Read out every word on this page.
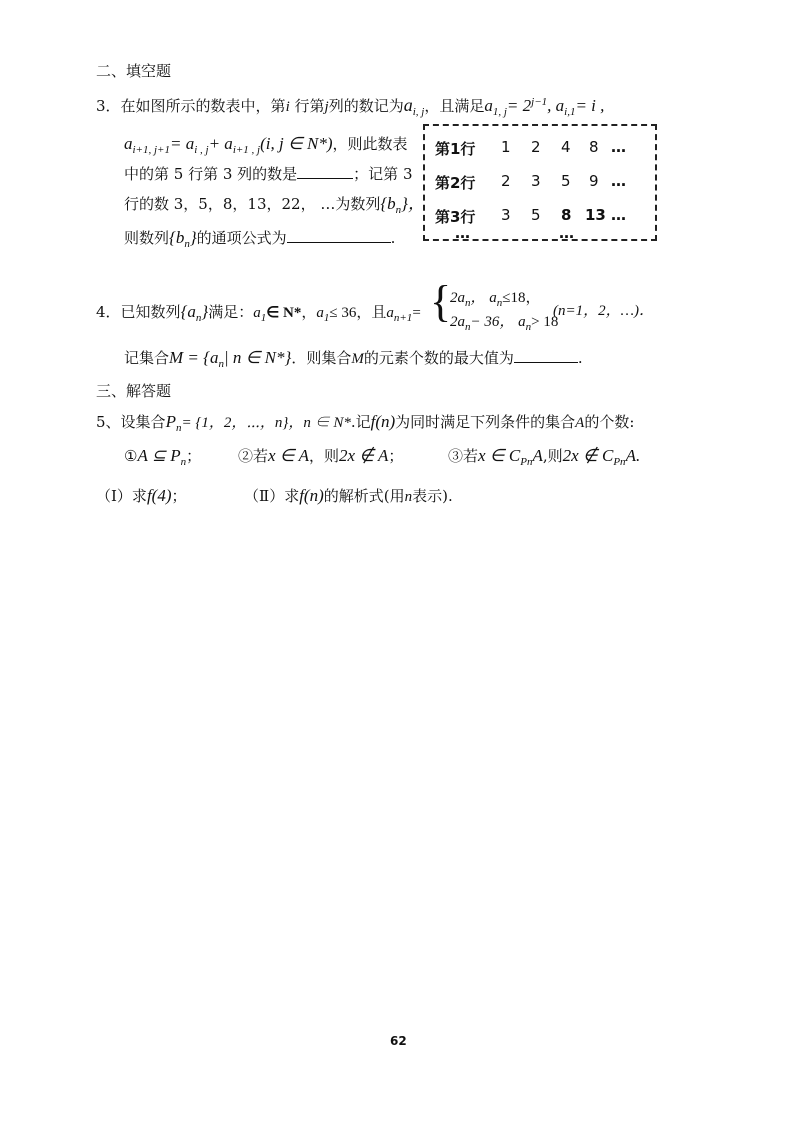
二、填空题
3．在如图所示的数表中，第i 行第j列的数记为$a_{i, j}$，且满足$a_{1, j}= 2^{j-1}$, $a_{i,1}= i$ ,
$a_{i+1, j+1}= a_{i , j}+ a_{i+1 , j}(i$, j ∈ N*)，则此数表
中的第 5 行第 3 列的数是	；记第 3
行的数 3，5，8，13，22， …为数列$\{b_n\}$，
则数列$\{b_n\}$的通项公式为	.
第1行 1 2 4 8 …
第2行 2 3 5 9 …
第3行 3 5 8 13 …
…	…
4．已知数列$\{a_n\}$满足：$a_1\in$ N*，$a_1\le 36$，且$a_{n+1}=$ {
$2a_n$， $a_n\le 18$，
$2a_n- 36$， $a_n> 18$
(n=1，2，…)．
记集合$M = \{a_n|$ n ∈ N*}．则集合M的元素个数的最大值为	.
三、解答题
5、设集合$P_n= \{1$，2，⋯，n}，n ∈ N*.记f(n)为同时满足下列条件的集合A的个数:
①A ⊆ $P_n$； ②若x ∈ A，则2x ∉ A；	③若x ∈ $C_{Pn}A$,则2x ∉ $C_{Pn}A$.
（Ⅰ）求f(4)；	（Ⅱ）求f(n)的解析式(用n表示).
62
